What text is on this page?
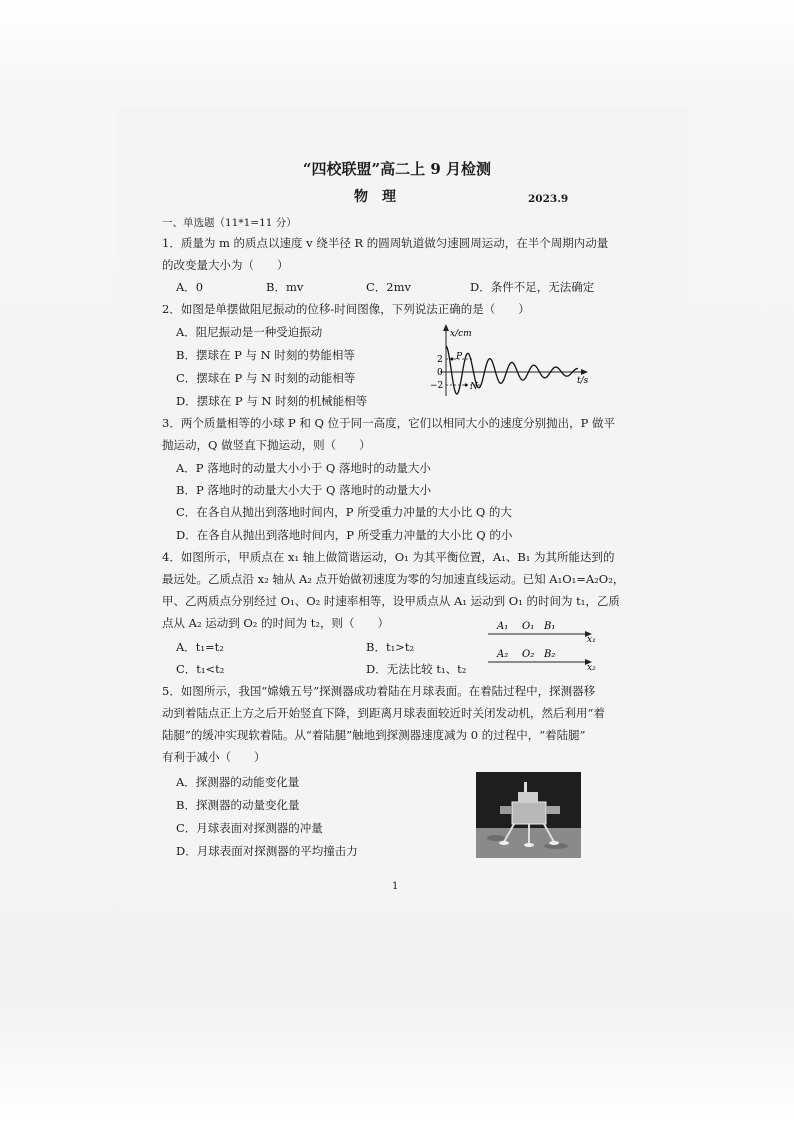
“四校联盟”高二上 9 月检测
物　理	2023.9
一、单选题（11*1=11 分）
1．质量为 m 的质点以速度 v 绕半径 R 的圆周轨道做匀速圆周运动，在半个周期内动量
的改变量大小为（　　）
A．0	B．mv	C．2mv	D．条件不足，无法确定
2．如图是单摆做阻尼振动的位移-时间图像，下列说法正确的是（　　）
A．阻尼振动是一种受迫振动
B．摆球在 P 与 N 时刻的势能相等
C．摆球在 P 与 N 时刻的动能相等
D．摆球在 P 与 N 时刻的机械能相等
x/cm
t/s
2
0
−2
P
N
3．两个质量相等的小球 P 和 Q 位于同一高度，它们以相同大小的速度分别抛出，P 做平
抛运动，Q 做竖直下抛运动，则（　　）
A．P 落地时的动量大小小于 Q 落地时的动量大小
B．P 落地时的动量大小大于 Q 落地时的动量大小
C．在各自从抛出到落地时间内，P 所受重力冲量的大小比 Q 的大
D．在各自从抛出到落地时间内，P 所受重力冲量的大小比 Q 的小
4．如图所示，甲质点在 x₁ 轴上做简谐运动，O₁ 为其平衡位置，A₁、B₁ 为其所能达到的
最远处。乙质点沿 x₂ 轴从 A₂ 点开始做初速度为零的匀加速直线运动。已知 A₁O₁=A₂O₂，
甲、乙两质点分别经过 O₁、O₂ 时速率相等，设甲质点从 A₁ 运动到 O₁ 的时间为 t₁，乙质
点从 A₂ 运动到 O₂ 的时间为 t₂，则（　　）
A．t₁=t₂	B．t₁>t₂
C．t₁<t₂	D．无法比较 t₁、t₂
A₁ O₁ B₁
x₁
A₂ O₂ B₂
x₂
5．如图所示，我国“嫦娥五号”探测器成功着陆在月球表面。在着陆过程中，探测器移
动到着陆点正上方之后开始竖直下降，到距离月球表面较近时关闭发动机，然后利用“着
陆腿”的缓冲实现软着陆。从“着陆腿”触地到探测器速度减为 0 的过程中，“着陆腿”
有利于减小（　　）
A．探测器的动能变化量
B．探测器的动量变化量
C．月球表面对探测器的冲量
D．月球表面对探测器的平均撞击力
1
